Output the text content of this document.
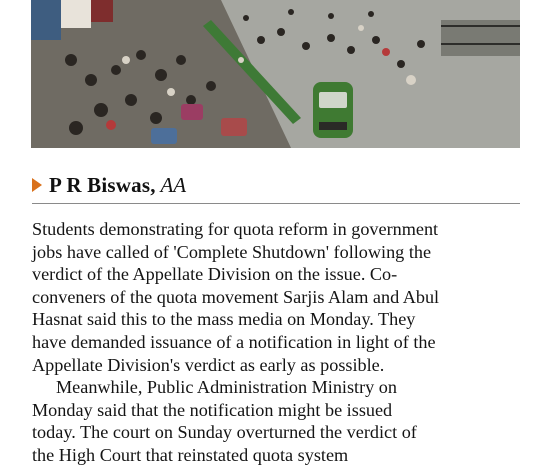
P R Biswas , AA

Students demonstrating for quota reform in government
jobs have called of 'Complete Shutdown' following the
verdict of the Appellate Division on the issue. Co-
conveners of the quota movement Sarjis Alam and Abul
Hasnat said this to the mass media on Monday. They
have demanded issuance of a notification in light of the
Appellate Division's verdict as early as possible.

Meanwhile, Public Administration Ministry on
Monday said that the notification might be issued
today. The court on Sunday overturned the verdict of
the High Court that reinstated quota system
